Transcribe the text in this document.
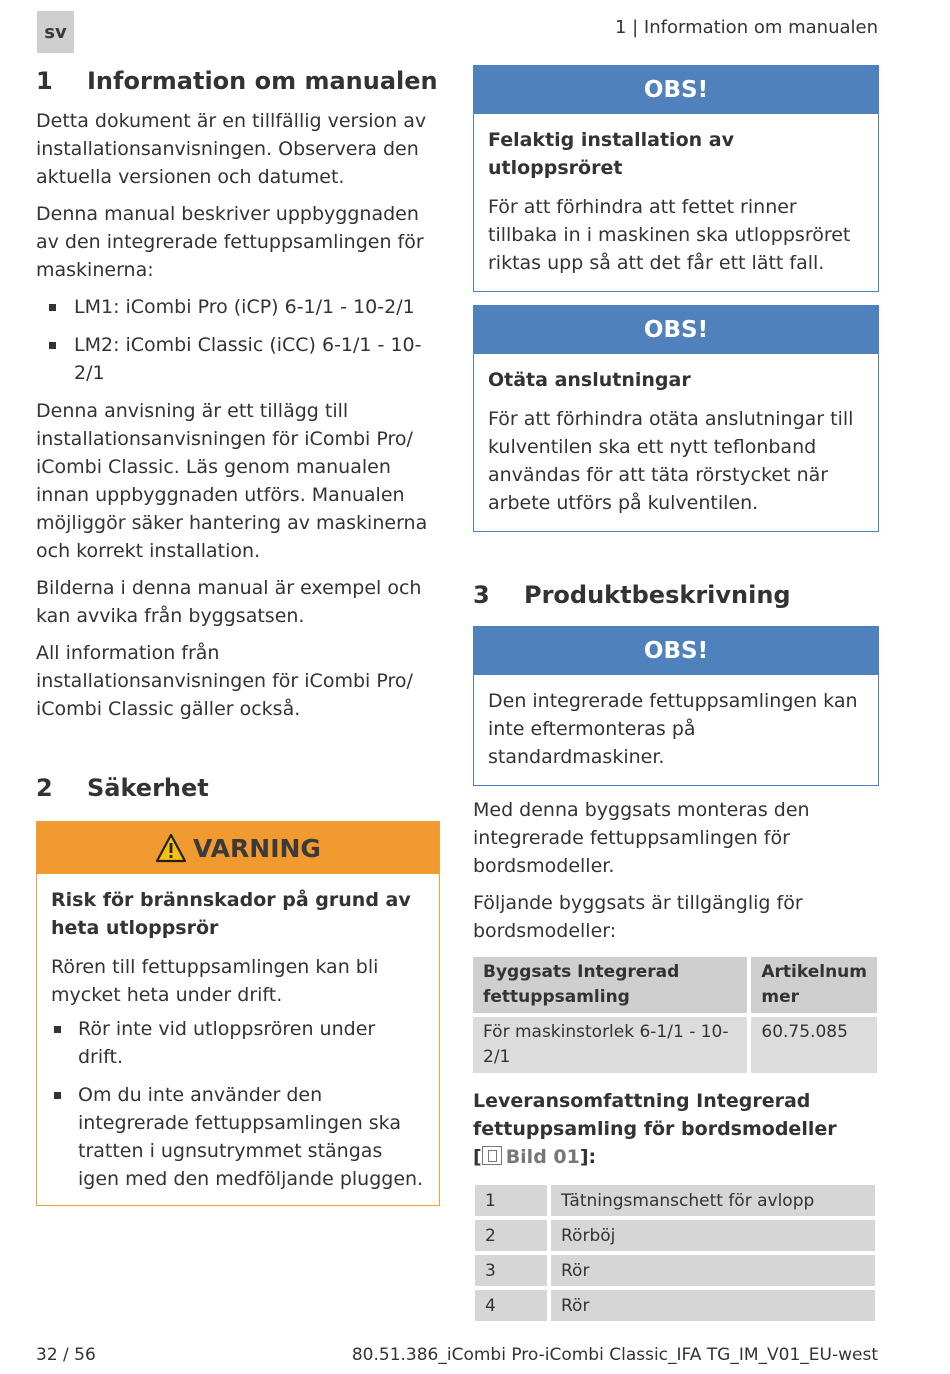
sv	1 | Information om manualen
1	Information om manualen

Detta dokument är en tillfällig version av installationsanvisningen. Observera den aktuella versionen och datumet.

Denna manual beskriver uppbyggnaden av den integrerade fettuppsamlingen för maskinerna:

LM1: iCombi Pro (iCP) 6-1/1 - 10-2/1
LM2: iCombi Classic (iCC) 6-1/1 - 10-2/1

Denna anvisning är ett tillägg till installationsanvisningen för iCombi Pro/ iCombi Classic. Läs genom manualen innan uppbyggnaden utförs. Manualen möjliggör säker hantering av maskinerna och korrekt installation.

Bilderna i denna manual är exempel och kan avvika från byggsatsen.

All information från installationsanvisningen för iCombi Pro/ iCombi Classic gäller också.

2	Säkerhet
VARNING
Risk för brännskador på grund av heta utloppsrör
Rören till fettuppsamlingen kan bli mycket heta under drift.
Rör inte vid utloppsrören under drift.
Om du inte använder den integrerade fettuppsamlingen ska tratten i ugnsutrymmet stängas igen med den medföljande pluggen.
OBS!
Felaktig installation av utloppsröret
För att förhindra att fettet rinner tillbaka in i maskinen ska utloppsröret riktas upp så att det får ett lätt fall.
OBS!
Otäta anslutningar
För att förhindra otäta anslutningar till kulventilen ska ett nytt teflonband användas för att täta rörstycket när arbete utförs på kulventilen.
3	Produktbeskrivning
OBS!
Den integrerade fettuppsamlingen kan inte eftermonteras på standardmaskiner.

Med denna byggsats monteras den integrerade fettuppsamlingen för bordsmodeller.

Följande byggsats är tillgänglig för bordsmodeller:

Byggsats Integrerad fettuppsamling	Artikelnum mer
För maskinstorlek 6-1/1 - 10-2/1	60.75.085

Leveransomfattning Integrerad fettuppsamling för bordsmodeller
[ Bild 01]:

1	Tätningsmanschett för avlopp
2	Rörböj
3	Rör
4	Rör
32 / 56	80.51.386_iCombi Pro-iCombi Classic_IFA TG_IM_V01_EU-west
